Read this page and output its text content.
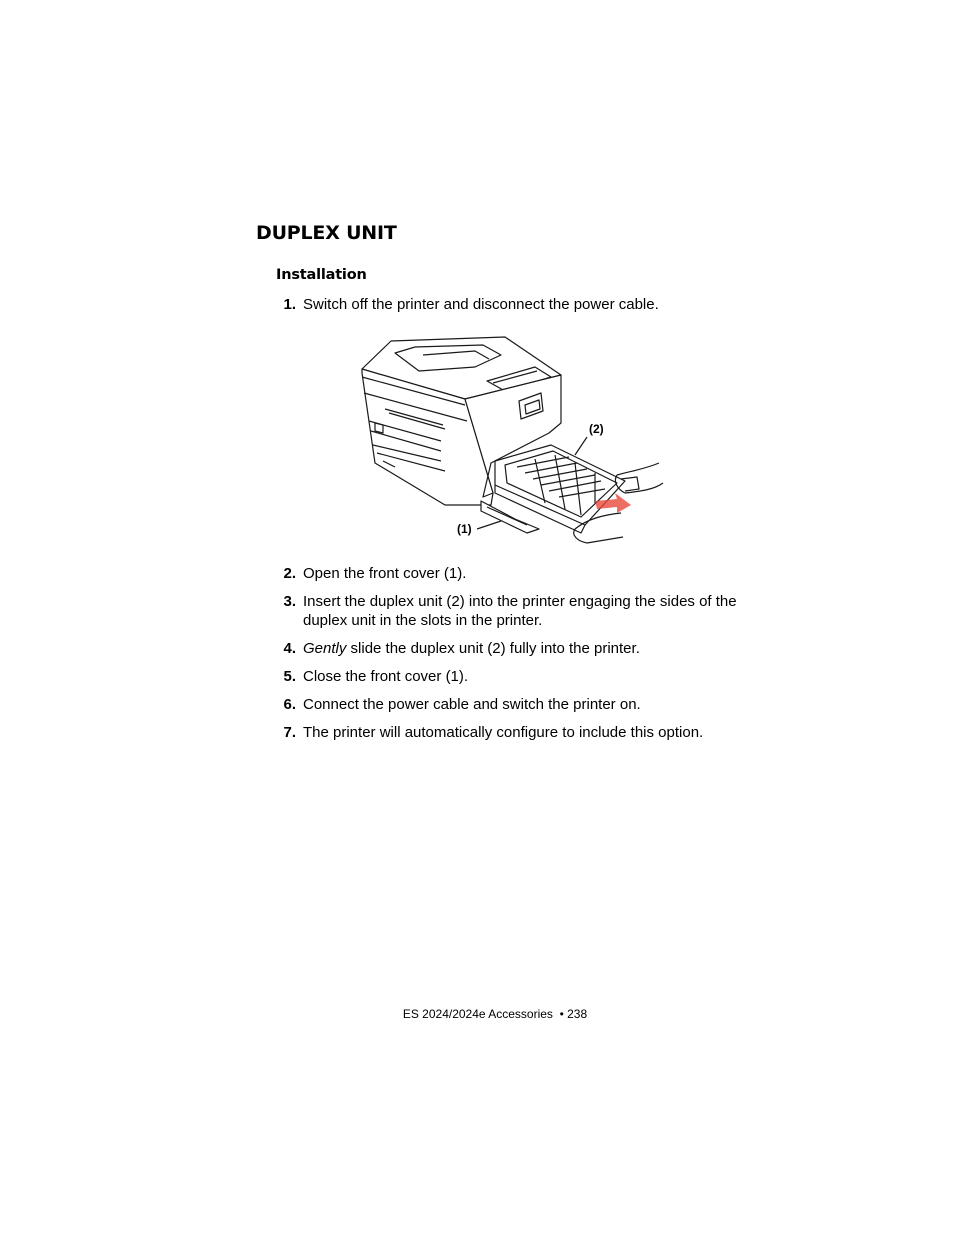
DUPLEX UNIT
Installation
1. Switch off the printer and disconnect the power cable.
(2)
(1)
2. Open the front cover (1).
3. Insert the duplex unit (2) into the printer engaging the sides of the duplex unit in the slots in the printer.
4. Gently slide the duplex unit (2) fully into the printer.
5. Close the front cover (1).
6. Connect the power cable and switch the printer on.
7. The printer will automatically configure to include this option.
ES 2024/2024e Accessories  • 238
